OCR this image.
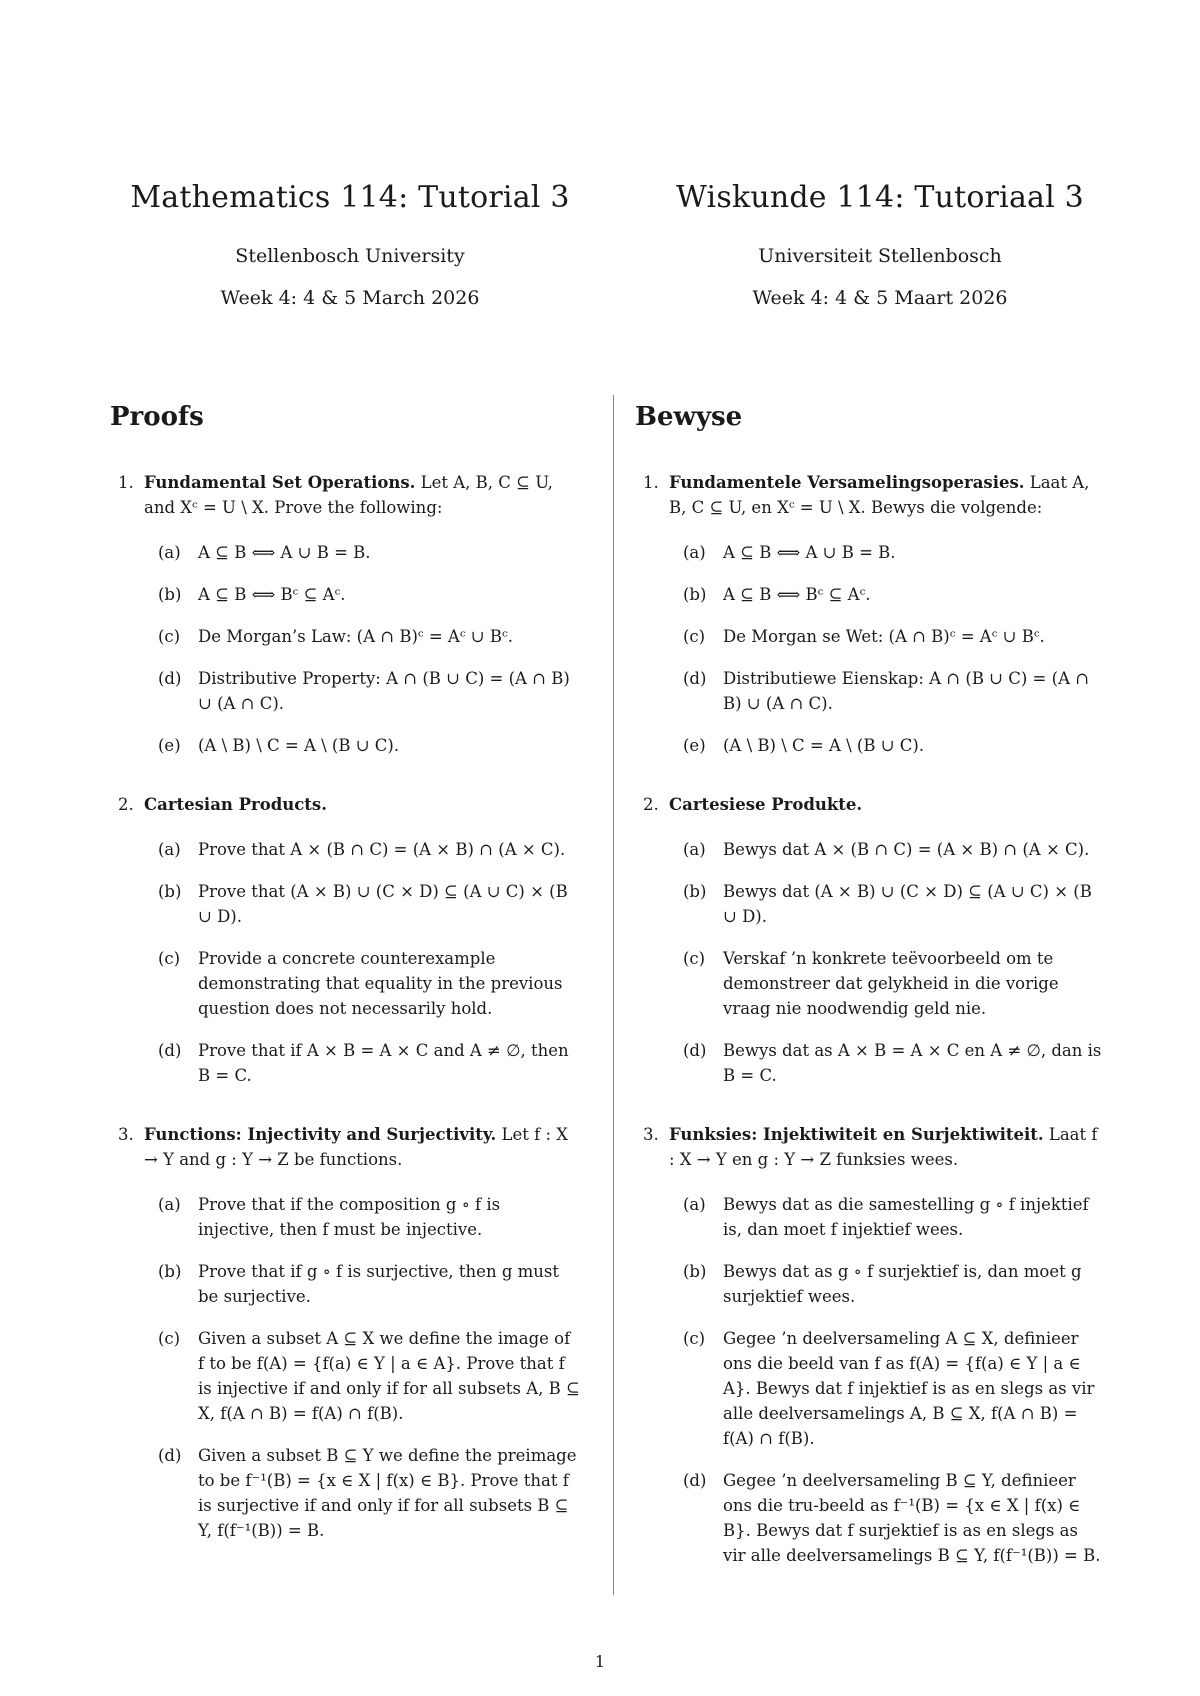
Mathematics 114: Tutorial 3
Stellenbosch University
Week 4: 4 & 5 March 2026
Wiskunde 114: Tutoriaal 3
Universiteit Stellenbosch
Week 4: 4 & 5 Maart 2026
Proofs
1. Fundamental Set Operations. Let A, B, C ⊆ U, and Xᶜ = U \ X. Prove the following:
(a) A ⊆ B ⟺ A ∪ B = B.
(b) A ⊆ B ⟺ Bᶜ ⊆ Aᶜ.
(c) De Morgan’s Law: (A ∩ B)ᶜ = Aᶜ ∪ Bᶜ.
(d) Distributive Property: A ∩ (B ∪ C) = (A ∩ B) ∪ (A ∩ C).
(e) (A \ B) \ C = A \ (B ∪ C).
2. Cartesian Products.
(a) Prove that A × (B ∩ C) = (A × B) ∩ (A × C).
(b) Prove that (A × B) ∪ (C × D) ⊆ (A ∪ C) × (B ∪ D).
(c) Provide a concrete counterexample demonstrating that equality in the previous question does not necessarily hold.
(d) Prove that if A × B = A × C and A ≠ ∅, then B = C.
3. Functions: Injectivity and Surjectivity. Let f : X → Y and g : Y → Z be functions.
(a) Prove that if the composition g ∘ f is injective, then f must be injective.
(b) Prove that if g ∘ f is surjective, then g must be surjective.
(c) Given a subset A ⊆ X we define the image of f to be f(A) = {f(a) ∈ Y | a ∈ A}. Prove that f is injective if and only if for all subsets A, B ⊆ X, f(A ∩ B) = f(A) ∩ f(B).
(d) Given a subset B ⊆ Y we define the preimage to be f⁻¹(B) = {x ∈ X | f(x) ∈ B}. Prove that f is surjective if and only if for all subsets B ⊆ Y, f(f⁻¹(B)) = B.
Bewyse
1. Fundamentele Versamelingsoperasies. Laat A, B, C ⊆ U, en Xᶜ = U \ X. Bewys die volgende:
(a) A ⊆ B ⟺ A ∪ B = B.
(b) A ⊆ B ⟺ Bᶜ ⊆ Aᶜ.
(c) De Morgan se Wet: (A ∩ B)ᶜ = Aᶜ ∪ Bᶜ.
(d) Distributiewe Eienskap: A ∩ (B ∪ C) = (A ∩ B) ∪ (A ∩ C).
(e) (A \ B) \ C = A \ (B ∪ C).
2. Cartesiese Produkte.
(a) Bewys dat A × (B ∩ C) = (A × B) ∩ (A × C).
(b) Bewys dat (A × B) ∪ (C × D) ⊆ (A ∪ C) × (B ∪ D).
(c) Verskaf ’n konkrete teëvoorbeeld om te demonstreer dat gelykheid in die vorige vraag nie noodwendig geld nie.
(d) Bewys dat as A × B = A × C en A ≠ ∅, dan is B = C.
3. Funksies: Injektiwiteit en Surjektiwiteit. Laat f : X → Y en g : Y → Z funksies wees.
(a) Bewys dat as die samestelling g ∘ f injektief is, dan moet f injektief wees.
(b) Bewys dat as g ∘ f surjektief is, dan moet g surjektief wees.
(c) Gegee ’n deelversameling A ⊆ X, definieer ons die beeld van f as f(A) = {f(a) ∈ Y | a ∈ A}. Bewys dat f injektief is as en slegs as vir alle deelversamelings A, B ⊆ X, f(A ∩ B) = f(A) ∩ f(B).
(d) Gegee ’n deelversameling B ⊆ Y, definieer ons die tru-beeld as f⁻¹(B) = {x ∈ X | f(x) ∈ B}. Bewys dat f surjektief is as en slegs as vir alle deelversamelings B ⊆ Y, f(f⁻¹(B)) = B.
1
